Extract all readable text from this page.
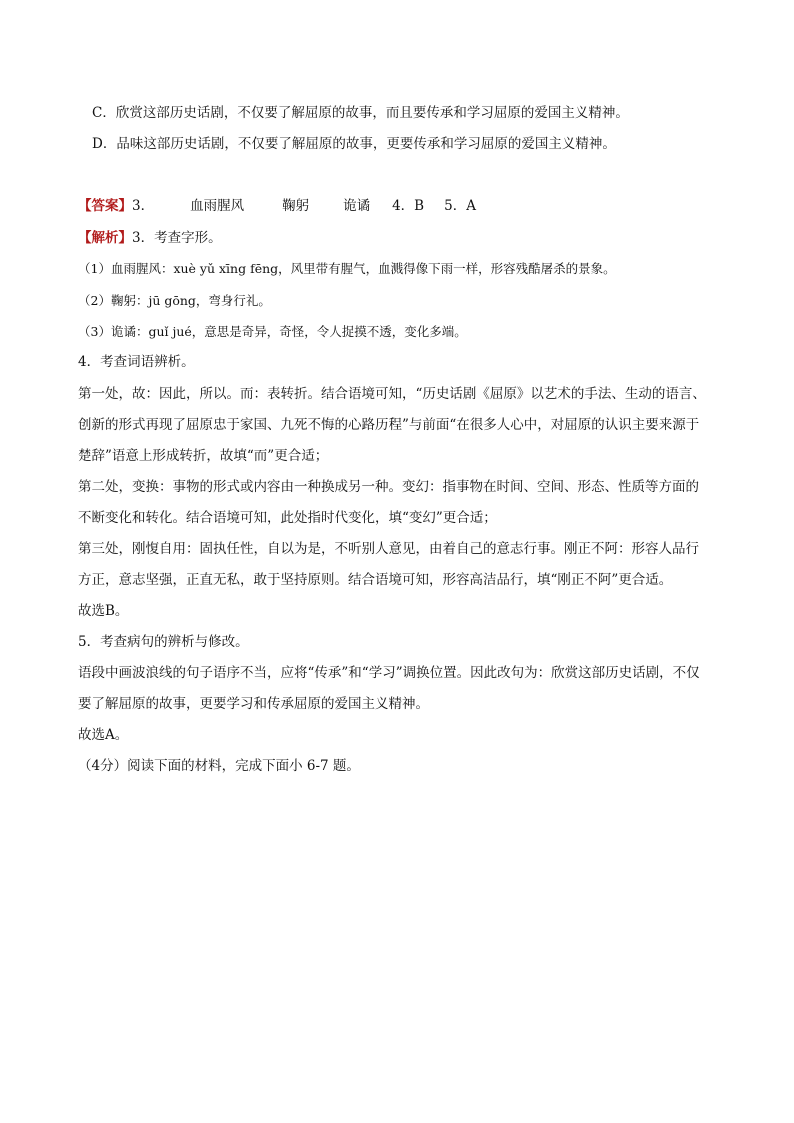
C．欣赏这部历史话剧，不仅要了解屈原的故事，而且要传承和学习屈原的爱国主义精神。
D．品味这部历史话剧，不仅要了解屈原的故事，更要传承和学习屈原的爱国主义精神。
【答案】3．	血雨腥风	鞠躬	诡谲 4．B 5．A
【解析】3．考查字形。
（1）血雨腥风：xuè yǔ xīng fēng，风里带有腥气，血溅得像下雨一样，形容残酷屠杀的景象。
（2）鞠躬：jū gōng，弯身行礼。
（3）诡谲：guǐ jué，意思是奇异，奇怪，令人捉摸不透，变化多端。
4．考查词语辨析。
第一处，故：因此，所以。而：表转折。结合语境可知，“历史话剧《屈原》以艺术的手法、生动的语言、
创新的形式再现了屈原忠于家国、九死不悔的心路历程”与前面“在很多人心中，对屈原的认识主要来源于
楚辞”语意上形成转折，故填“而”更合适；
第二处，变换：事物的形式或内容由一种换成另一种。变幻：指事物在时间、空间、形态、性质等方面的
不断变化和转化。结合语境可知，此处指时代变化，填“变幻”更合适；
第三处，刚愎自用：固执任性，自以为是，不听别人意见，由着自己的意志行事。刚正不阿：形容人品行
方正，意志坚强，正直无私，敢于坚持原则。结合语境可知，形容高洁品行，填“刚正不阿”更合适。
故选B。
5．考查病句的辨析与修改。
语段中画波浪线的句子语序不当，应将“传承”和“学习”调换位置。因此改句为：欣赏这部历史话剧，不仅
要了解屈原的故事，更要学习和传承屈原的爱国主义精神。
故选A。
（4分）阅读下面的材料，完成下面小 6-7 题。
